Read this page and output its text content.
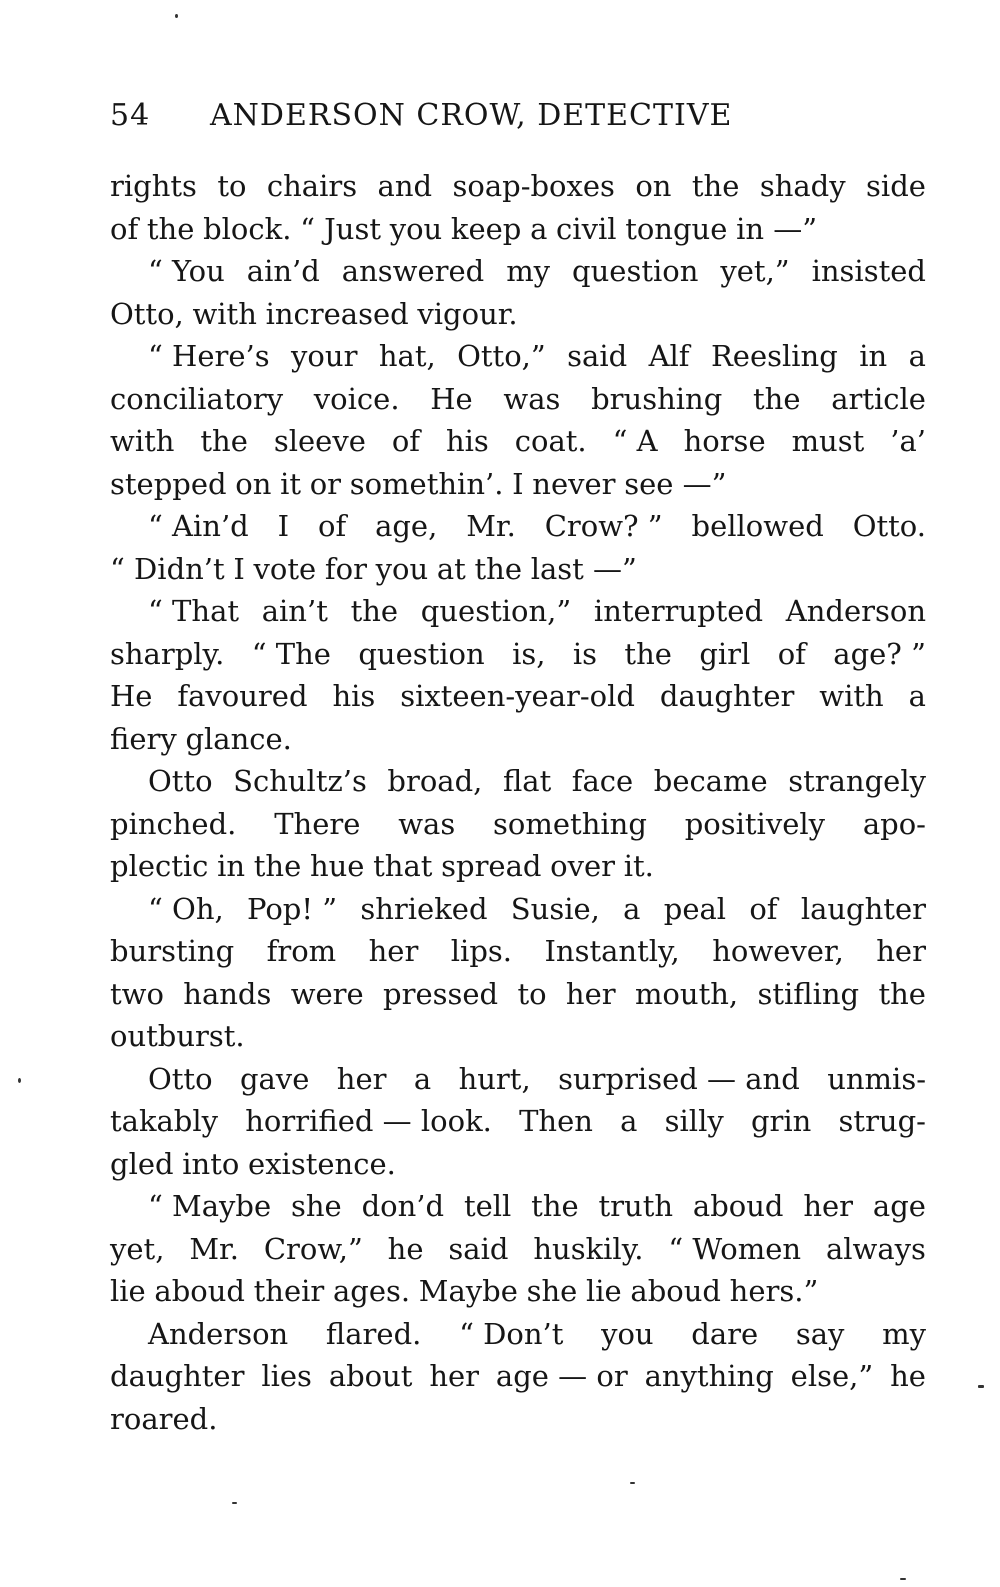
54 ANDERSON CROW, DETECTIVE
rights to chairs and soap-boxes on the shady side
of the block. “ Just you keep a civil tongue in —”
“ You ain’d answered my question yet,” insisted
Otto, with increased vigour.
“ Here’s your hat, Otto,” said Alf Reesling in a
conciliatory voice. He was brushing the article
with the sleeve of his coat. “ A horse must ’a’
stepped on it or somethin’. I never see —”
“ Ain’d I of age, Mr. Crow? ” bellowed Otto.
“ Didn’t I vote for you at the last —”
“ That ain’t the question,” interrupted Anderson
sharply. “ The question is, is the girl of age? ”
He favoured his sixteen-year-old daughter with a
fiery glance.
Otto Schultz’s broad, flat face became strangely
pinched. There was something positively apo-
plectic in the hue that spread over it.
“ Oh, Pop! ” shrieked Susie, a peal of laughter
bursting from her lips. Instantly, however, her
two hands were pressed to her mouth, stifling the
outburst.
Otto gave her a hurt, surprised — and unmis-
takably horrified — look. Then a silly grin strug-
gled into existence.
“ Maybe she don’d tell the truth aboud her age
yet, Mr. Crow,” he said huskily. “ Women always
lie aboud their ages. Maybe she lie aboud hers.”
Anderson flared. “ Don’t you dare say my
daughter lies about her age — or anything else,” he
roared.
